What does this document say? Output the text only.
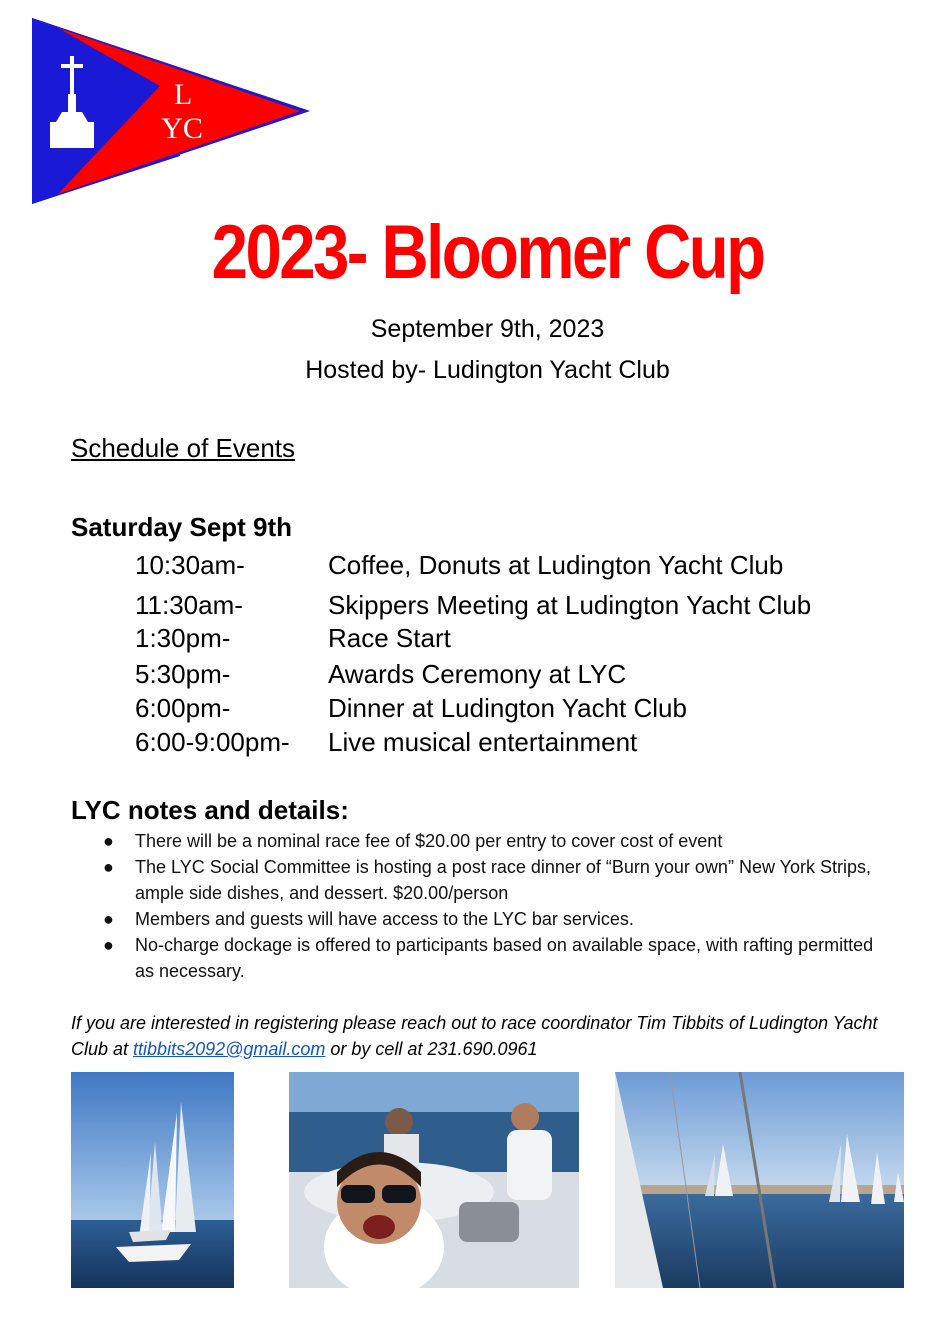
L
YC
2023- Bloomer Cup
September 9th, 2023
Hosted by- Ludington Yacht Club
Schedule of Events
Saturday Sept 9th
10:30am-	Coffee, Donuts at Ludington Yacht Club
11:30am-	Skippers Meeting at Ludington Yacht Club
1:30pm-	Race Start
5:30pm-	Awards Ceremony at LYC
6:00pm-	Dinner at Ludington Yacht Club
6:00-9:00pm- Live musical entertainment
LYC notes and details:
● There will be a nominal race fee of $20.00 per entry to cover cost of event
● The LYC Social Committee is hosting a post race dinner of “Burn your own” New York Strips, ample side dishes, and dessert. $20.00/person
● Members and guests will have access to the LYC bar services.
● No-charge dockage is offered to participants based on available space, with rafting permitted as necessary.
If you are interested in registering please reach out to race coordinator Tim Tibbits of Ludington Yacht Club at ttibbits2092@gmail.com or by cell at 231.690.0961
